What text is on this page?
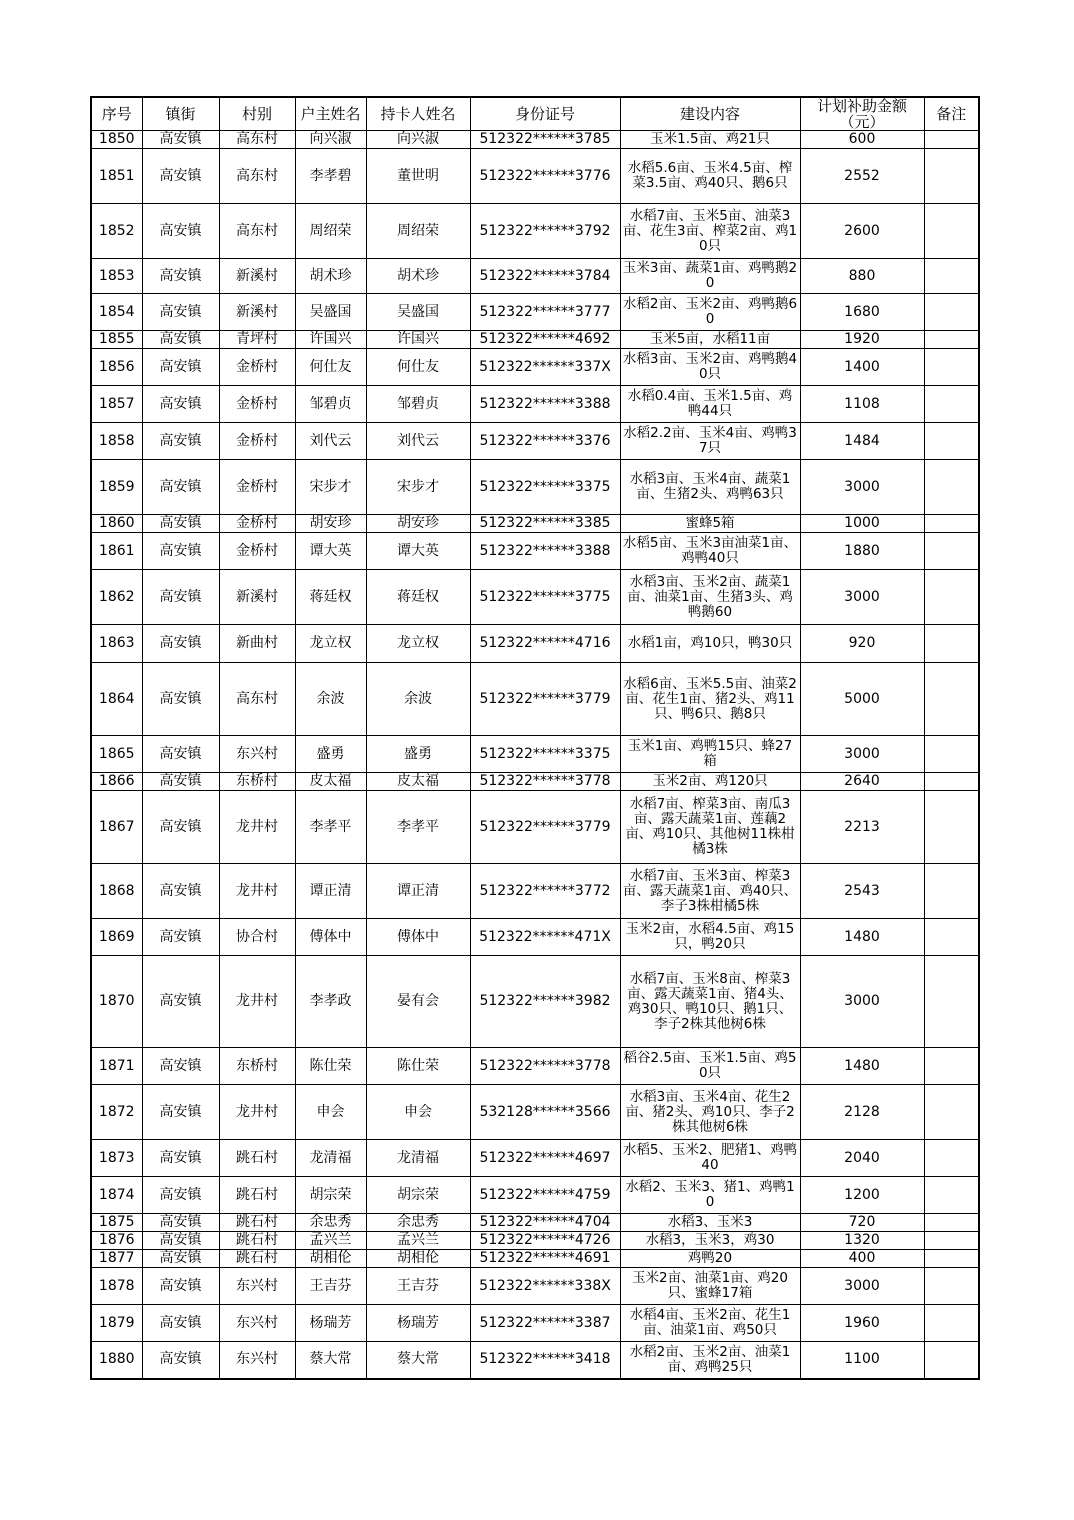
序号	镇街	村别	户主姓名	持卡人姓名	身份证号	建设内容	计划补助金额（元）	备注
1850	高安镇	高东村	向兴淑	向兴淑	512322******3785	玉米1.5亩、鸡21只	600	
1851	高安镇	高东村	李孝碧	董世明	512322******3776	水稻5.6亩、玉米4.5亩、榨菜3.5亩、鸡40只、鹅6只	2552	
1852	高安镇	高东村	周绍荣	周绍荣	512322******3792	水稻7亩、玉米5亩、油菜3亩、花生3亩、榨菜2亩、鸡10只	2600	
1853	高安镇	新溪村	胡术珍	胡术珍	512322******3784	玉米3亩、蔬菜1亩、鸡鸭鹅20	880	
1854	高安镇	新溪村	吴盛国	吴盛国	512322******3777	水稻2亩、玉米2亩、鸡鸭鹅60	1680	
1855	高安镇	青坪村	许国兴	许国兴	512322******4692	玉米5亩，水稻11亩	1920	
1856	高安镇	金桥村	何仕友	何仕友	512322******337X	水稻3亩、玉米2亩、鸡鸭鹅40只	1400	
1857	高安镇	金桥村	邹碧贞	邹碧贞	512322******3388	水稻0.4亩、玉米1.5亩、鸡鸭44只	1108	
1858	高安镇	金桥村	刘代云	刘代云	512322******3376	水稻2.2亩、玉米4亩、鸡鸭37只	1484	
1859	高安镇	金桥村	宋步才	宋步才	512322******3375	水稻3亩、玉米4亩、蔬菜1亩、生猪2头、鸡鸭63只	3000	
1860	高安镇	金桥村	胡安珍	胡安珍	512322******3385	蜜蜂5箱	1000	
1861	高安镇	金桥村	谭大英	谭大英	512322******3388	水稻5亩、玉米3亩油菜1亩、鸡鸭40只	1880	
1862	高安镇	新溪村	蒋廷权	蒋廷权	512322******3775	水稻3亩、玉米2亩、蔬菜1亩、油菜1亩、生猪3头、鸡鸭鹅60	3000	
1863	高安镇	新曲村	龙立权	龙立权	512322******4716	水稻1亩，鸡10只，鸭30只	920	
1864	高安镇	高东村	余波	余波	512322******3779	水稻6亩、玉米5.5亩、油菜2亩、花生1亩、猪2头、鸡11只、鸭6只、鹅8只	5000	
1865	高安镇	东兴村	盛勇	盛勇	512322******3375	玉米1亩、鸡鸭15只、蜂27箱	3000	
1866	高安镇	东桥村	皮太福	皮太福	512322******3778	玉米2亩、鸡120只	2640	
1867	高安镇	龙井村	李孝平	李孝平	512322******3779	水稻7亩、榨菜3亩、南瓜3亩、露天蔬菜1亩、莲藕2亩、鸡10只、其他树11株柑橘3株	2213	
1868	高安镇	龙井村	谭正清	谭正清	512322******3772	水稻7亩、玉米3亩、榨菜3亩、露天蔬菜1亩、鸡40只、李子3株柑橘5株	2543	
1869	高安镇	协合村	傅体中	傅体中	512322******471X	玉米2亩，水稻4.5亩、鸡15只，鸭20只	1480	
1870	高安镇	龙井村	李孝政	晏有会	512322******3982	水稻7亩、玉米8亩、榨菜3亩、露天蔬菜1亩、猪4头、鸡30只、鸭10只、鹅1只、李子2株其他树6株	3000	
1871	高安镇	东桥村	陈仕荣	陈仕荣	512322******3778	稻谷2.5亩、玉米1.5亩、鸡50只	1480	
1872	高安镇	龙井村	申会	申会	532128******3566	水稻3亩、玉米4亩、花生2亩、猪2头、鸡10只、李子2株其他树6株	2128	
1873	高安镇	跳石村	龙清福	龙清福	512322******4697	水稻5、玉米2、肥猪1、鸡鸭40	2040	
1874	高安镇	跳石村	胡宗荣	胡宗荣	512322******4759	水稻2、玉米3、猪1、鸡鸭10	1200	
1875	高安镇	跳石村	余忠秀	余忠秀	512322******4704	水稻3、玉米3	720	
1876	高安镇	跳石村	孟兴兰	孟兴兰	512322******4726	水稻3，玉米3，鸡30	1320	
1877	高安镇	跳石村	胡相伦	胡相伦	512322******4691	鸡鸭20	400	
1878	高安镇	东兴村	王吉芬	王吉芬	512322******338X	玉米2亩、油菜1亩、鸡20只、蜜蜂17箱	3000	
1879	高安镇	东兴村	杨瑞芳	杨瑞芳	512322******3387	水稻4亩、玉米2亩、花生1亩、油菜1亩、鸡50只	1960	
1880	高安镇	东兴村	蔡大常	蔡大常	512322******3418	水稻2亩、玉米2亩、油菜1亩、鸡鸭25只	1100	
